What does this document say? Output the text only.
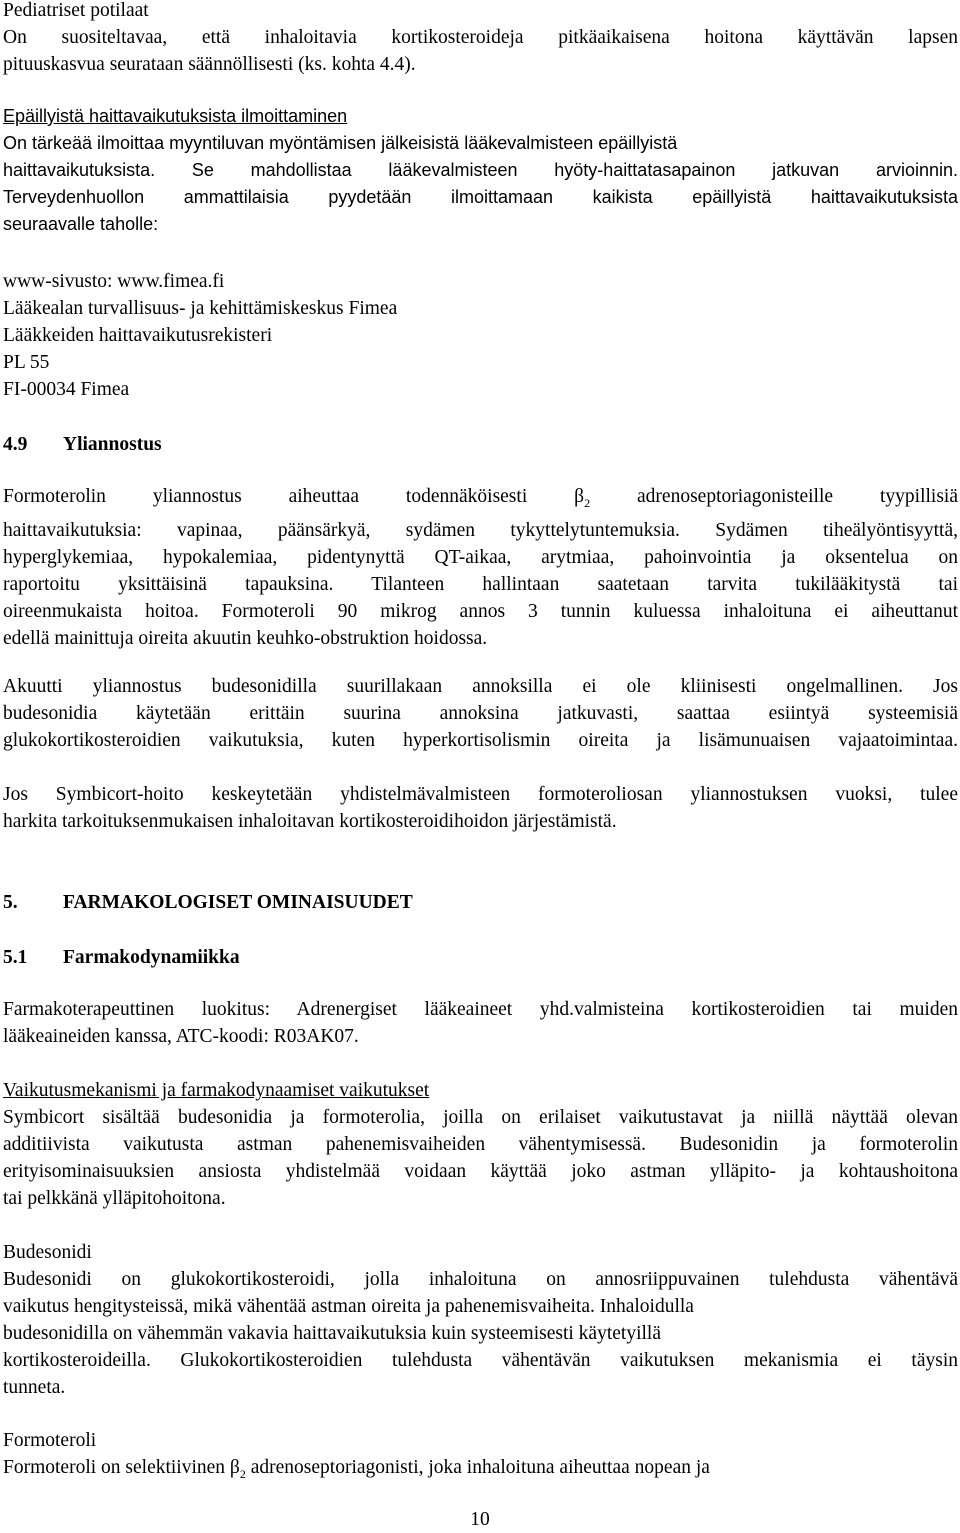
Pediatriset potilaat
On suositeltavaa, että inhaloitavia kortikosteroideja pitkäaikaisena hoitona käyttävän lapsen
pituuskasvua seurataan säännöllisesti (ks. kohta 4.4).
Epäillyistä haittavaikutuksista ilmoittaminen
On tärkeää ilmoittaa myyntiluvan myöntämisen jälkeisistä lääkevalmisteen epäillyistä
haittavaikutuksista. Se mahdollistaa lääkevalmisteen hyöty-haittatasapainon jatkuvan arvioinnin.
Terveydenhuollon ammattilaisia pyydetään ilmoittamaan kaikista epäillyistä haittavaikutuksista
seuraavalle taholle:
www-sivusto: www.fimea.fi
Lääkealan turvallisuus- ja kehittämiskeskus Fimea
Lääkkeiden haittavaikutusrekisteri
PL 55
FI-00034 Fimea
4.9 Yliannostus
Formoterolin yliannostus aiheuttaa todennäköisesti $\beta_2$ adrenoseptoriagonisteille tyypillisiä
haittavaikutuksia: vapinaa, päänsärkyä, sydämen tykyttelytuntemuksia. Sydämen tiheälyöntisyyttä,
hyperglykemiaa, hypokalemiaa, pidentynyttä QT-aikaa, arytmiaa, pahoinvointia ja oksentelua on
raportoitu yksittäisinä tapauksina. Tilanteen hallintaan saatetaan tarvita tukilääkitystä tai
oireenmukaista hoitoa. Formoteroli 90 mikrog annos 3 tunnin kuluessa inhaloituna ei aiheuttanut
edellä mainittuja oireita akuutin keuhko-obstruktion hoidossa.
Akuutti yliannostus budesonidilla suurillakaan annoksilla ei ole kliinisesti ongelmallinen. Jos
budesonidia käytetään erittäin suurina annoksina jatkuvasti, saattaa esiintyä systeemisiä
glukokortikosteroidien vaikutuksia, kuten hyperkortisolismin oireita ja lisämunuaisen vajaatoimintaa.
Jos Symbicort-hoito keskeytetään yhdistelmävalmisteen formoteroliosan yliannostuksen vuoksi, tulee
harkita tarkoituksenmukaisen inhaloitavan kortikosteroidihoidon järjestämistä.
5. FARMAKOLOGISET OMINAISUUDET
5.1 Farmakodynamiikka
Farmakoterapeuttinen luokitus: Adrenergiset lääkeaineet yhd.valmisteina kortikosteroidien tai muiden
lääkeaineiden kanssa, ATC-koodi: R03AK07.
Vaikutusmekanismi ja farmakodynaamiset vaikutukset
Symbicort sisältää budesonidia ja formoterolia, joilla on erilaiset vaikutustavat ja niillä näyttää olevan
additiivista vaikutusta astman pahenemisvaiheiden vähentymisessä. Budesonidin ja formoterolin
erityisominaisuuksien ansiosta yhdistelmää voidaan käyttää joko astman ylläpito- ja kohtaushoitona
tai pelkkänä ylläpitohoitona.
Budesonidi
Budesonidi on glukokortikosteroidi, jolla inhaloituna on annosriippuvainen tulehdusta vähentävä
vaikutus hengitysteissä, mikä vähentää astman oireita ja pahenemisvaiheita. Inhaloidulla
budesonidilla on vähemmän vakavia haittavaikutuksia kuin systeemisesti käytetyillä
kortikosteroideilla. Glukokortikosteroidien tulehdusta vähentävän vaikutuksen mekanismia ei täysin
tunneta.
Formoteroli
Formoteroli on selektiivinen $\beta_2$ adrenoseptoriagonisti, joka inhaloituna aiheuttaa nopean ja
10
